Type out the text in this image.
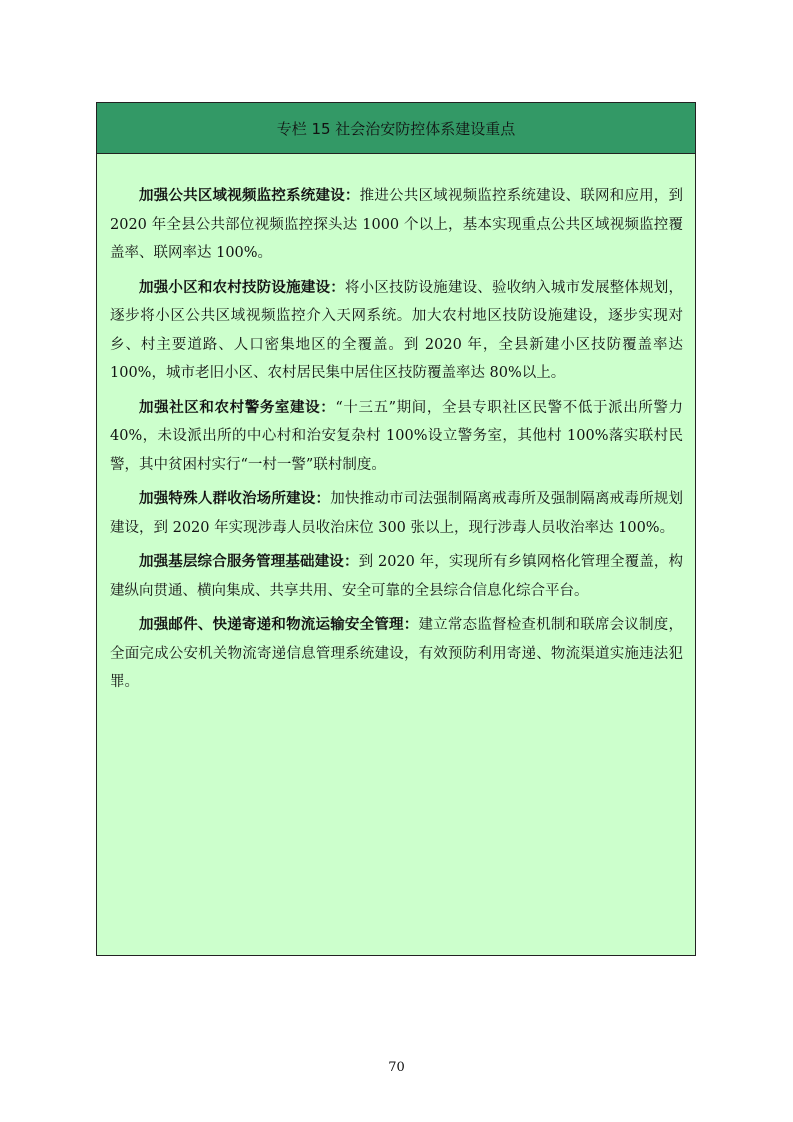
专栏 15 社会治安防控体系建设重点

加强公共区域视频监控系统建设：推进公共区域视频监控系统建设、联网和应用，到 2020 年全县公共部位视频监控探头达 1000 个以上，基本实现重点公共区域视频监控覆盖率、联网率达 100%。

加强小区和农村技防设施建设：将小区技防设施建设、验收纳入城市发展整体规划，逐步将小区公共区域视频监控介入天网系统。加大农村地区技防设施建设，逐步实现对乡、村主要道路、人口密集地区的全覆盖。到 2020 年，全县新建小区技防覆盖率达 100%，城市老旧小区、农村居民集中居住区技防覆盖率达 80%以上。

加强社区和农村警务室建设：“十三五”期间，全县专职社区民警不低于派出所警力 40%，未设派出所的中心村和治安复杂村 100%设立警务室，其他村 100%落实联村民警，其中贫困村实行“一村一警”联村制度。

加强特殊人群收治场所建设：加快推动市司法强制隔离戒毒所及强制隔离戒毒所规划建设，到 2020 年实现涉毒人员收治床位 300 张以上，现行涉毒人员收治率达 100%。

加强基层综合服务管理基础建设：到 2020 年，实现所有乡镇网格化管理全覆盖，构建纵向贯通、横向集成、共享共用、安全可靠的全县综合信息化综合平台。

加强邮件、快递寄递和物流运输安全管理：建立常态监督检查机制和联席会议制度，全面完成公安机关物流寄递信息管理系统建设，有效预防利用寄递、物流渠道实施违法犯罪。

70
